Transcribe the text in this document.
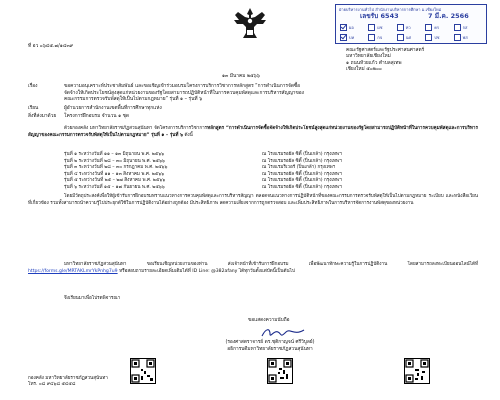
ฝ่ายบริหารงานทั่วไป สำนักงานบริหารการศึกษา ม.เชียงใหม่
เลขรับ 6543	7 มี.ค. 2566
ผอ	ผช	ทว	คร	กส
บห	กจ	นศ	ปช	พส
ที่ อว ๐๖๔๕.๗/๑๔๓๙
คณะรัฐศาสตร์และรัฐประศาสนศาสตร์
มหาวิทยาลัยเชียงใหม่
๑ ถนนห้วยแก้ว ตำบลสุเทพ
เชียงใหม่ ๕๐๒๐๐
๑๓ มีนาคม ๒๕๖๖
เรื่อง	ขอความอนุเคราะห์ประชาสัมพันธ์ และขอเชิญเข้าร่วมอบรมโครงการบริการวิชาการหลักสูตร “การดำเนินการจัดซื้อ
จัดจ้างให้เกิดประโยชน์สูงสุดแก่หน่วยงานของรัฐโดยสามารถปฏิบัติหน้าที่ในการควบคุมพัสดุและการบริหารสัญญาของ
คณะกรรมการตรวจรับพัสดุให้เป็นไปตามกฎหมาย” รุ่นที่ ๑ – รุ่นที่ ๖
เรียน	ผู้อำนวยการสำนักงานเขตพื้นที่การศึกษาทุกแห่ง
สิ่งที่ส่งมาด้วย โครงการฝึกอบรม จำนวน ๑ ชุด
ด้วยกองคลัง มหาวิทยาลัยราชภัฏสวนสุนันทา จัดโครงการบริการวิชาการหลักสูตร “การดำเนินการจัดซื้อจัดจ้างให้เกิดประโยชน์สูงสุดแก่หน่วยงานของรัฐโดยสามารถปฏิบัติหน้าที่ในการควบคุมพัสดุและการบริหารสัญญาของคณะกรรมการตรวจรับพัสดุให้เป็นไปตามกฎหมาย” รุ่นที่ ๑ – รุ่นที่ ๖ ดังนี้
รุ่นที่ ๑ ระหว่างวันที่ ๑๑ – ๑๓ มิถุนายน พ.ศ. ๒๕๖๖	ณ โรงแรมรอยัล ซิตี้ (ปิ่นเกล้า) กรุงเทพฯ
รุ่นที่ ๒ ระหว่างวันที่ ๒๘ – ๓๐ มิถุนายน พ.ศ. ๒๕๖๖	ณ โรงแรมรอยัล ซิตี้ (ปิ่นเกล้า) กรุงเทพฯ
รุ่นที่ ๓ ระหว่างวันที่ ๒๘ – ๓๐ กรกฎาคม พ.ศ. ๒๕๖๖	ณ โรงแรมริเวอร์ (ปิ่นเกล้า) กรุงเทพฯ
รุ่นที่ ๔ ระหว่างวันที่ ๑๑ – ๑๓ สิงหาคม พ.ศ. ๒๕๖๖	ณ โรงแรมรอยัล ซิตี้ (ปิ่นเกล้า) กรุงเทพฯ
รุ่นที่ ๕ ระหว่างวันที่ ๒๕ – ๒๗ สิงหาคม พ.ศ. ๒๕๖๖	ณ โรงแรมรอยัล ซิตี้ (ปิ่นเกล้า) กรุงเทพฯ
รุ่นที่ ๖ ระหว่างวันที่ ๑๕ – ๑๗ กันยายน พ.ศ. ๒๕๖๖	ณ โรงแรมรอยัล ซิตี้ (ปิ่นเกล้า) กรุงเทพฯ
โดยมีวัตถุประสงค์เพื่อให้ผู้เข้ารับการฝึกอบรมทราบแนวทางการควบคุมพัสดุและการบริหารสัญญา ตลอดจนแนวทางการปฏิบัติหน้าที่ของคณะกรรมการตรวจรับพัสดุให้เป็นไปตามกฎหมาย ระเบียบ และหนังสือเวียนที่เกี่ยวข้อง รวมทั้งสามารถนำความรู้ไปประยุกต์ใช้ในการปฏิบัติงานได้อย่างถูกต้อง มีประสิทธิภาพ ลดความเสี่ยงจากการถูกตรวจสอบ และเพิ่มประสิทธิภาพในการบริหารจัดการงานพัสดุของหน่วยงาน
มหาวิทยาลัยราชภัฏสวนสุนันทา ขอเรียนเชิญหน่วยงานของท่าน ส่งเจ้าหน้าที่เข้ารับการฝึกอบรม เพื่อพัฒนาทักษะความรู้ในการปฏิบัติงาน โดยสามารถลงทะเบียนออนไลน์ได้ที่ https://forms.gle/MRTAKLmrYkPnhg7u9 หรือสอบถามรายละเอียดเพิ่มเติมได้ที่ ID Line: @382afany ได้ทุกวันตั้งแต่บัดนี้เป็นต้นไป
จึงเรียนมาเพื่อโปรดพิจารณา
ขอแสดงความนับถือ
(รองศาสตราจารย์ ดร.ชุติกาญจน์ ศรีวิบูลย์)
อธิการบดีมหาวิทยาลัยราชภัฏสวนสุนันทา
กองคลัง มหาวิทยาลัยราชภัฏสวนสุนันทา
โทร. ๐๘ ๙๔๖๘ ๕๔๕๘
